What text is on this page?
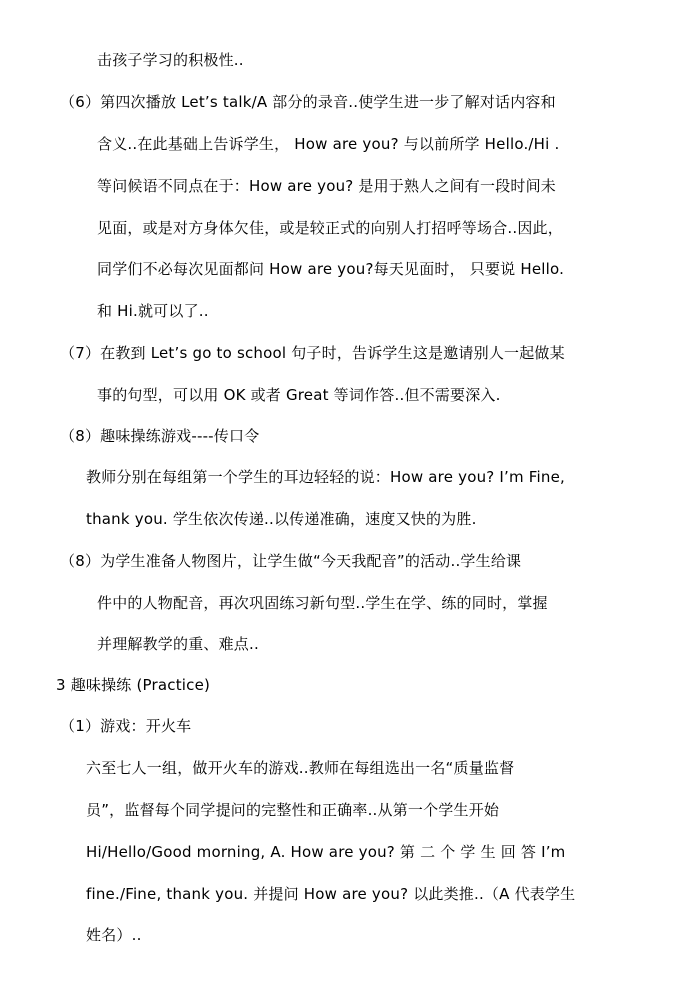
击孩子学习的积极性..
（6）第四次播放 Let’s talk/A 部分的录音..使学生进一步了解对话内容和
含义..在此基础上告诉学生， How are you? 与以前所学 Hello./Hi .
等问候语不同点在于：How are you? 是用于熟人之间有一段时间未
见面，或是对方身体欠佳，或是较正式的向别人打招呼等场合..因此，
同学们不必每次见面都问 How are you?每天见面时， 只要说 Hello.
和 Hi.就可以了..
（7）在教到 Let’s go to school 句子时，告诉学生这是邀请别人一起做某
事的句型，可以用 OK 或者 Great 等词作答..但不需要深入.
（8）趣味操练游戏----传口令
教师分别在每组第一个学生的耳边轻轻的说：How are you? I’m Fine,
thank you. 学生依次传递..以传递准确，速度又快的为胜.
（8）为学生准备人物图片，让学生做“今天我配音”的活动..学生给课
件中的人物配音，再次巩固练习新句型..学生在学、练的同时，掌握
并理解教学的重、难点..
3 趣味操练 (Practice)
（1）游戏：开火车
六至七人一组，做开火车的游戏..教师在每组选出一名“质量监督
员”，监督每个同学提问的完整性和正确率..从第一个学生开始
Hi/Hello/Good morning, A. How are you? 第 二 个 学 生 回 答 I’m
fine./Fine, thank you. 并提问 How are you? 以此类推..（A 代表学生
姓名）..
